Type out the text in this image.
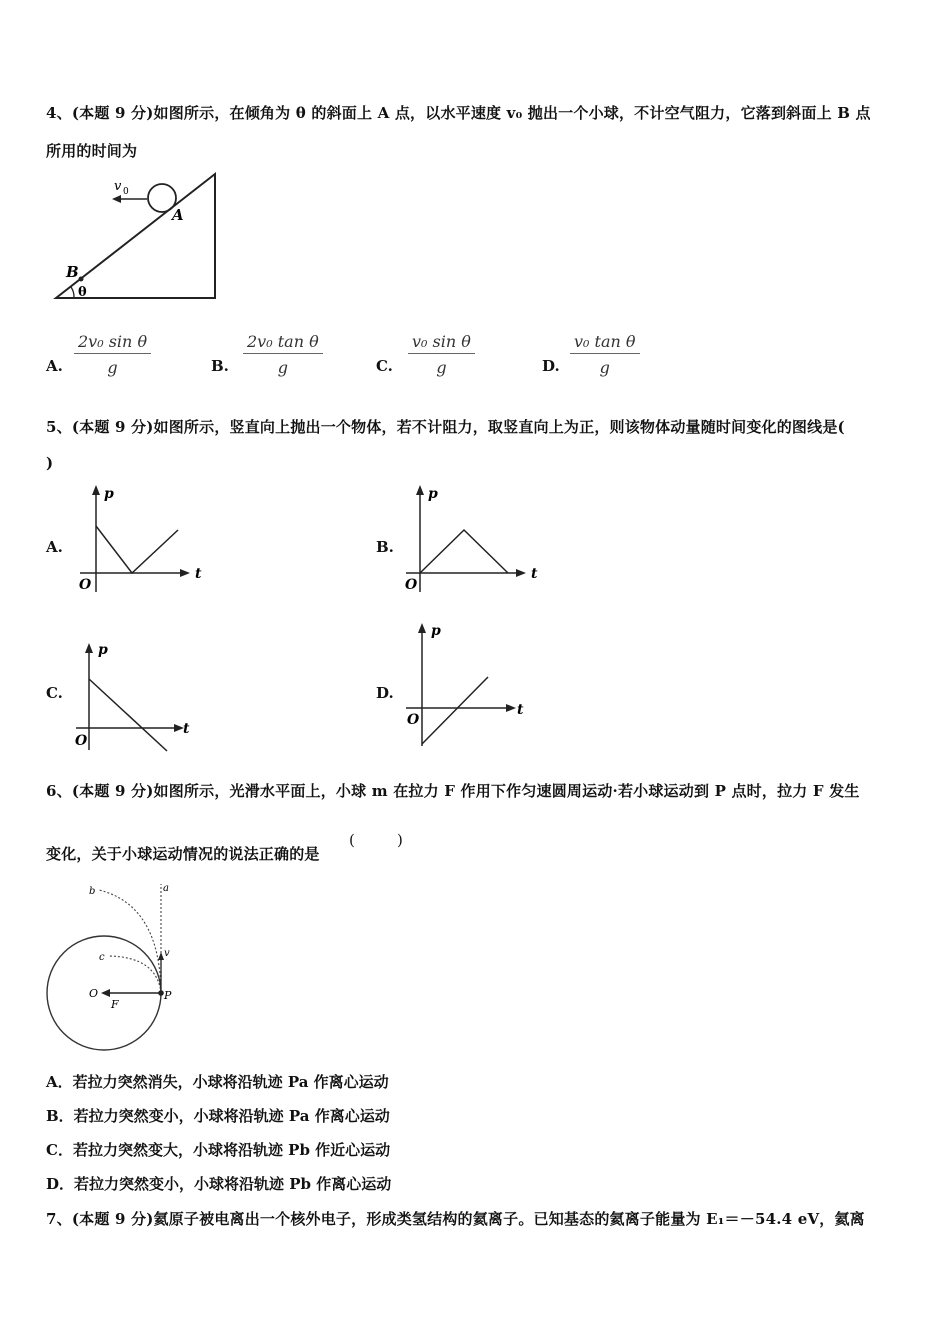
4、(本题 9 分)如图所示，在倾角为 θ 的斜面上 A 点，以水平速度 v₀ 抛出一个小球，不计空气阻力，它落到斜面上 B 点
所用的时间为
v 0
A
B
θ
A. $\frac{\text{2v₀ sin θ}}{g}$	B. $\frac{\text{2v₀ tan θ}}{g}$	C. $\frac{\text{v₀ sin θ}}{g}$	D. $\frac{\text{v₀ tan θ}}{g}$
5、(本题 9 分)如图所示，竖直向上抛出一个物体，若不计阻力，取竖直向上为正，则该物体动量随时间变化的图线是(
)
A.
p
t
O
B.
p
t
O
C.
p
t
O
D.
p
t
O
6、(本题 9 分)如图所示，光滑水平面上，小球 m 在拉力 F 作用下作匀速圆周运动·若小球运动到 P 点时，拉力 F 发生
变化，关于小球运动情况的说法正确的是
(	)
a
b
c	v
O
F
P
A．若拉力突然消失，小球将沿轨迹 Pa 作离心运动
B．若拉力突然变小，小球将沿轨迹 Pa 作离心运动
C．若拉力突然变大，小球将沿轨迹 Pb 作近心运动
D．若拉力突然变小，小球将沿轨迹 Pb 作离心运动
7、(本题 9 分)氦原子被电离出一个核外电子，形成类氢结构的氦离子。已知基态的氦离子能量为 E₁＝－54.4 eV，氦离
